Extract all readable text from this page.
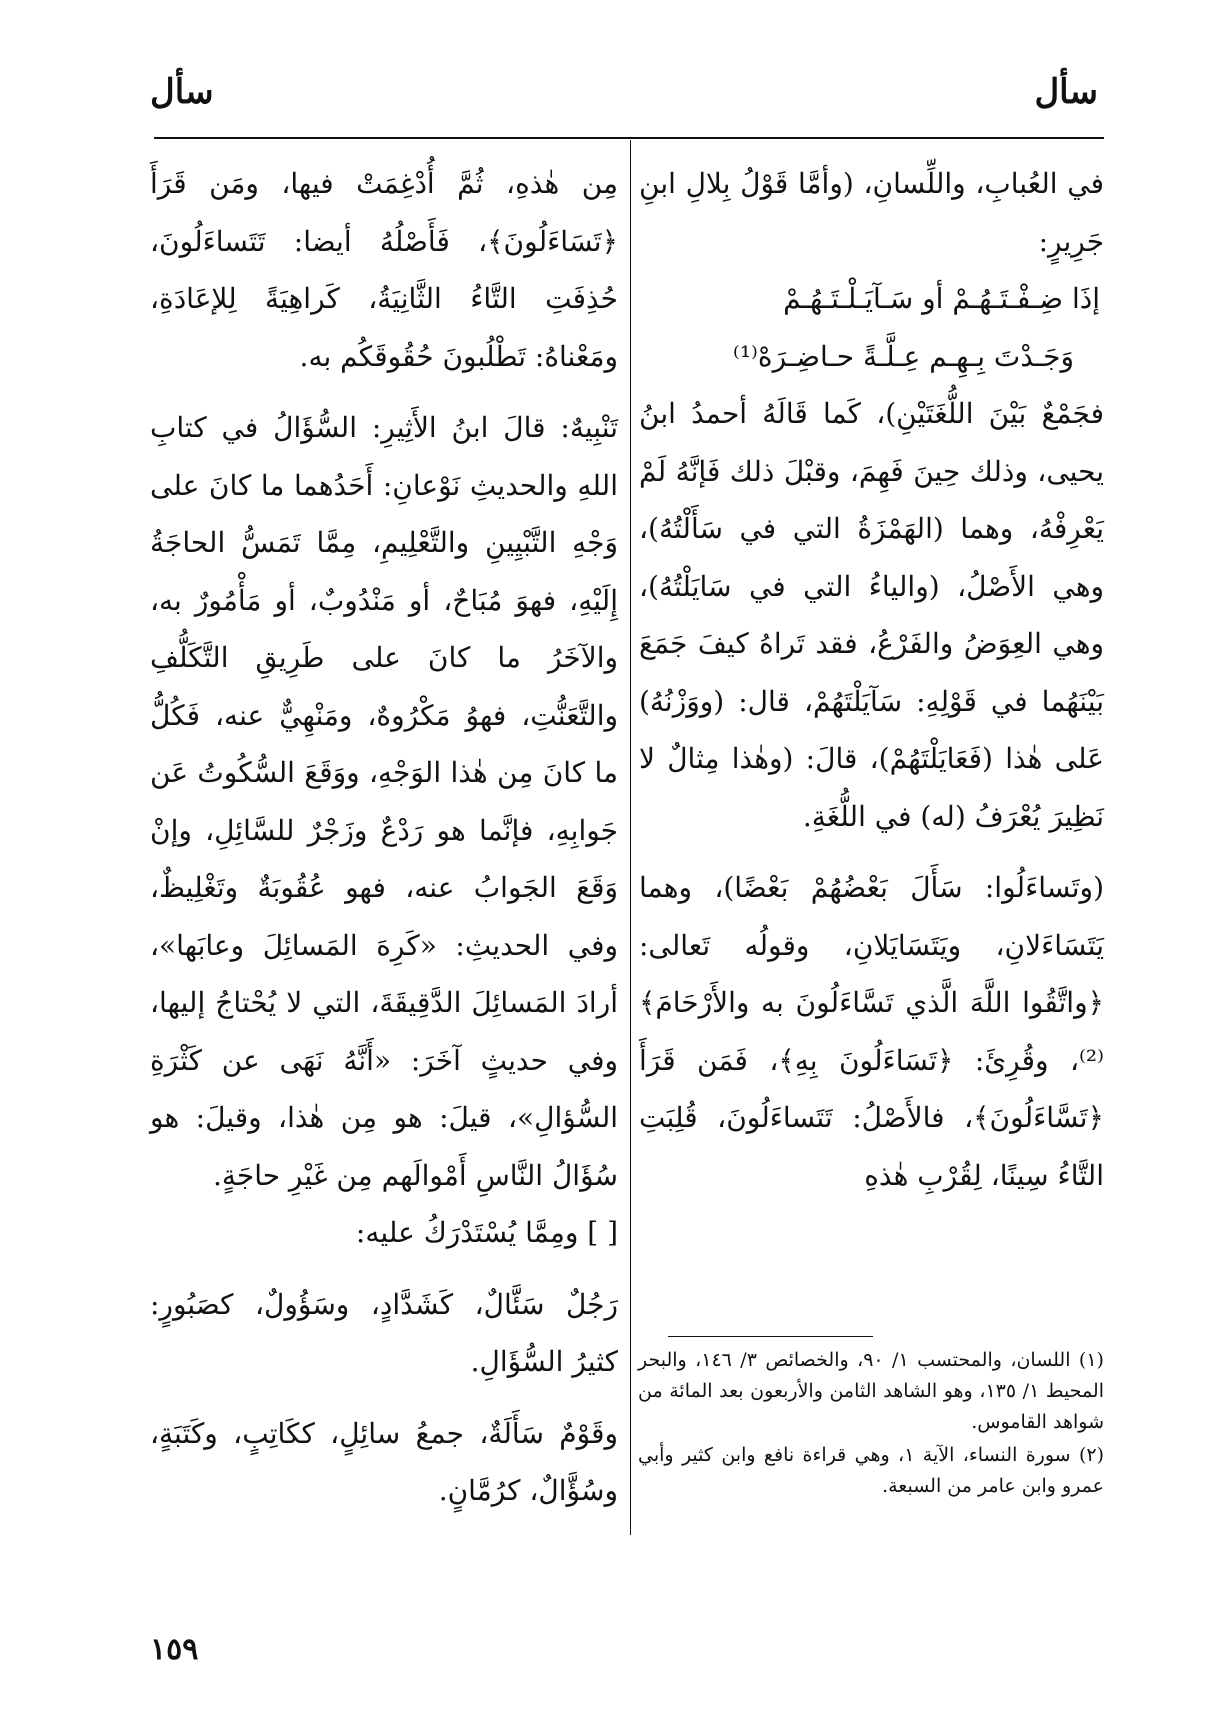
سأل
سأل

في العُبابِ، واللِّسانِ، (وأمَّا قَوْلُ بِلالِ ابنِ جَرِيرٍ:

إذَا ضِـفْـتَـهُـمْ أو سَـآيَـلْـتَـهُـمْ

وَجَـدْتَ بِـهِـم عِـلَّـةً حـاضِـرَهْ⁽¹⁾

فجَمْعٌ بَيْنَ اللُّغَتَيْنِ)، كَما قَالَهُ أحمدُ ابنُ يحيى، وذلك حِينَ فَهِمَ، وقبْلَ ذلك فَإنَّهُ لَمْ يَعْرِفْهُ، وهما (الهَمْزَةُ التي في سَأَلْتُهُ)، وهي الأَصْلُ، (والياءُ التي في سَايَلْتُهُ)، وهي العِوَضُ والفَرْعُ، فقد تَراهُ كيفَ جَمَعَ بَيْنَهُما في قَوْلِهِ: سَآيَلْتَهُمْ، قال: (ووَزْنُهُ) عَلى هٰذا (فَعَايَلْتَهُمْ)، قالَ: (وهٰذا مِثالٌ لا نَظِيرَ يُعْرَفُ (له) في اللُّغَةِ.

(وتَساءَلُوا: سَأَلَ بَعْضُهُمْ بَعْضًا)، وهما يَتَسَاءَلانِ، ويَتَسَايَلانِ، وقولُه تَعالى: ﴿واتَّقُوا اللَّهَ الَّذي تَسَّاءَلُونَ به والأَرْحَامَ﴾⁽²⁾، وقُرِئَ: ﴿تَسَاءَلُونَ بِهِ﴾، فَمَن قَرَأَ ﴿تَسَّاءَلُونَ﴾، فالأَصْلُ: تَتَساءَلُونَ، قُلِبَتِ التَّاءُ سِينًا، لِقُرْبِ هٰذهِ

مِن هٰذهِ، ثُمَّ أُدْغِمَتْ فيها، ومَن قَرَأَ ﴿تَسَاءَلُونَ﴾، فَأَصْلُهُ أيضا: تَتَساءَلُونَ، حُذِفَتِ التَّاءُ الثَّانِيَةُ، كَراهِيَةً لِلإعَادَةِ، ومَعْناهُ: تَطْلُبونَ حُقُوقَكُم به.

تَنْبِيهٌ: قالَ ابنُ الأَثِيرِ: السُّؤَالُ في كتابِ اللهِ والحديثِ نَوْعانِ: أَحَدُهما ما كانَ على وَجْهِ التَّبْيِينِ والتَّعْلِيمِ، مِمَّا تَمَسُّ الحاجَةُ إِلَيْهِ، فهوَ مُبَاحٌ، أو مَنْدُوبٌ، أو مَأْمُورٌ به، والآخَرُ ما كانَ على طَرِيقِ التَّكَلُّفِ والتَّعَنُّتِ، فهوُ مَكْرُوهٌ، ومَنْهِيٌّ عنه، فَكُلُّ ما كانَ مِن هٰذا الوَجْهِ، ووَقَعَ السُّكُوتُ عَن جَوابِهِ، فإنَّما هو رَدْعٌ وزَجْرٌ للسَّائِلِ، وإنْ وَقَعَ الجَوابُ عنه، فهو عُقُوبَةٌ وتَغْلِيظٌ، وفي الحديثِ: «كَرِهَ المَسائِلَ وعابَها»، أرادَ المَسائِلَ الدَّقِيقَةَ، التي لا يُحْتاجُ إليها، وفي حديثٍ آخَرَ: «أَنَّهُ نَهَى عن كَثْرَةِ السُّؤالِ»، قيلَ: هو مِن هٰذا، وقيلَ: هو سُؤَالُ النَّاسِ أَمْوالَهم مِن غَيْرِ حاجَةٍ.

[ ] ومِمَّا يُسْتَدْرَكُ عليه:

رَجُلٌ سَئَّالٌ، كَشَدَّادٍ، وسَؤُولٌ، كصَبُورٍ: كثيرُ السُّؤَالِ.

وقَوْمٌ سَأَلَةٌ، جمعُ سائِلٍ، ككَاتِبٍ، وكَتَبَةٍ، وسُؤَّالٌ، كرُمَّانٍ.

(١) اللسان، والمحتسب ١/ ٩٠، والخصائص ٣/ ١٤٦، والبحر المحيط ١/ ١٣٥، وهو الشاهد الثامن والأربعون بعد المائة من شواهد القاموس.

(٢) سورة النساء، الآية ١، وهي قراءة نافع وابن كثير وأبي عمرو وابن عامر من السبعة.

١٥٩
